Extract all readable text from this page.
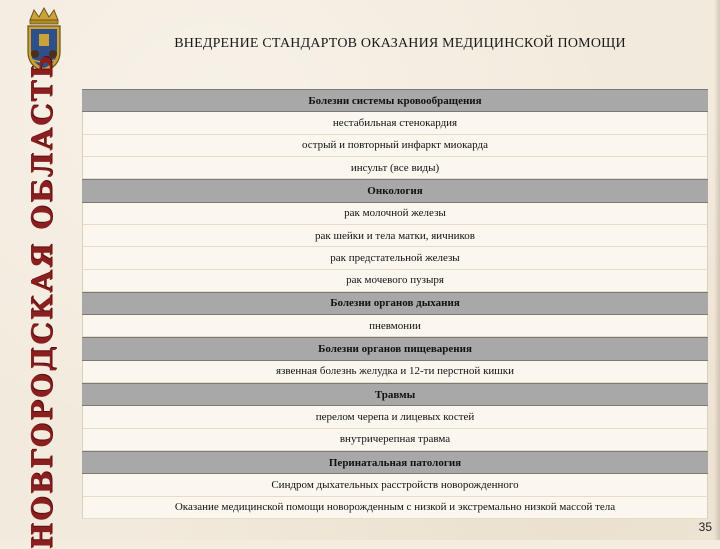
НОВГОРОДСКАЯ ОБЛАСТЬ
ВНЕДРЕНИЕ СТАНДАРТОВ ОКАЗАНИЯ МЕДИЦИНСКОЙ ПОМОЩИ
Болезни системы кровообращения
нестабильная стенокардия
острый и повторный инфаркт миокарда
инсульт (все виды)
Онкология
рак молочной железы
рак шейки и тела матки, яичников
рак предстательной железы
рак мочевого пузыря
Болезни органов дыхания
пневмонии
Болезни органов пищеварения
язвенная болезнь желудка и 12-ти перстной кишки
Травмы
перелом черепа и лицевых костей
внутричерепная травма
Перинатальная патология
Синдром дыхательных расстройств новорожденного
Оказание медицинской помощи новорожденным с низкой и экстремально низкой массой тела
35
